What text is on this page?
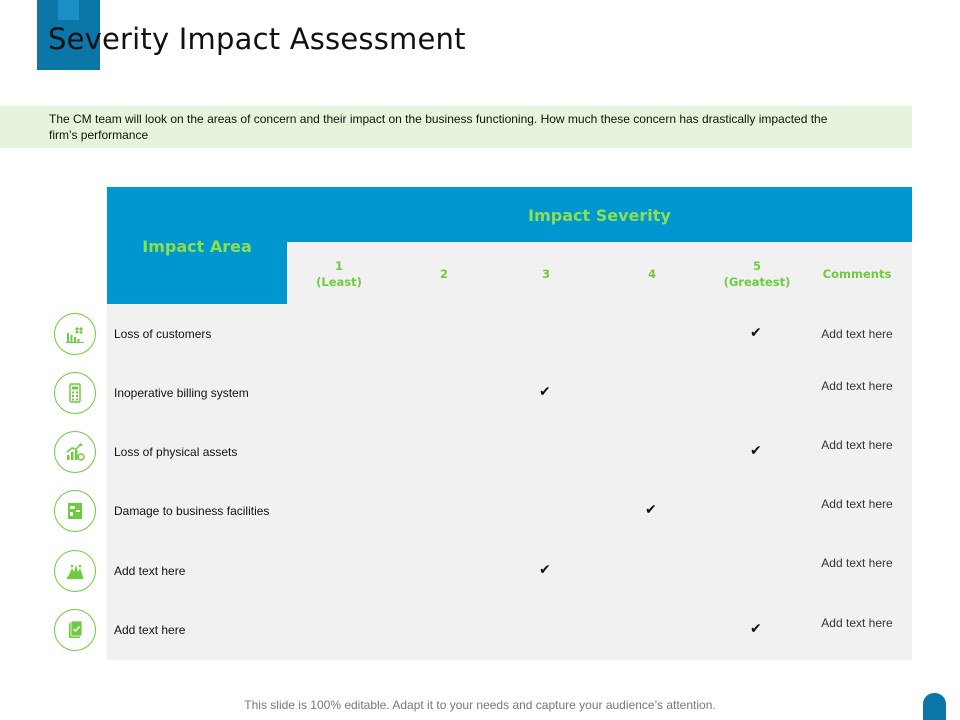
Severity Impact Assessment

The CM team will look on the areas of concern and their impact on the business functioning. How much these concern has drastically impacted the firm’s performance

Impact Severity
Impact Area
1
(Least)
2	3	4
5
(Greatest)
Comments
Loss of customers
Inoperative billing system
Loss of physical assets
Damage to business facilities
Add text here
Add text here
✔
✔
✔
✔
✔
✔
Add text here
Add text here
Add text here
Add text here
Add text here
Add text here
This slide is 100% editable. Adapt it to your needs and capture your audience’s attention.
